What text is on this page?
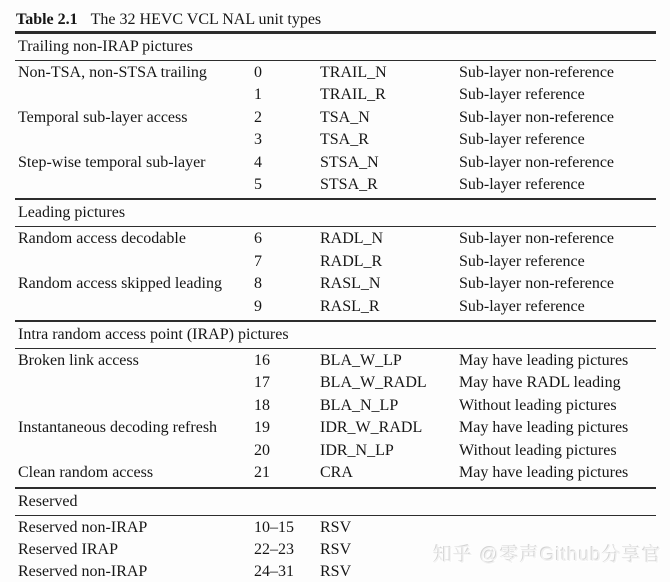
Table 2.1 The 32 HEVC VCL NAL unit types
Trailing non-IRAP pictures
Non-TSA, non-STSA trailing	0	TRAIL_N	Sub-layer non-reference
1	TRAIL_R	Sub-layer reference
Temporal sub-layer access	2	TSA_N	Sub-layer non-reference
3	TSA_R	Sub-layer reference
Step-wise temporal sub-layer	4	STSA_N	Sub-layer non-reference
5	STSA_R	Sub-layer reference
Leading pictures
Random access decodable	6	RADL_N	Sub-layer non-reference
7	RADL_R	Sub-layer reference
Random access skipped leading	8	RASL_N	Sub-layer non-reference
9	RASL_R	Sub-layer reference
Intra random access point (IRAP) pictures
Broken link access	16	BLA_W_LP	May have leading pictures
17	BLA_W_RADL	May have RADL leading
18	BLA_N_LP	Without leading pictures
Instantaneous decoding refresh	19	IDR_W_RADL	May have leading pictures
20	IDR_N_LP	Without leading pictures
Clean random access	21	CRA	May have leading pictures
Reserved
Reserved non-IRAP	10–15	RSV
Reserved IRAP	22–23	RSV
Reserved non-IRAP	24–31	RSV
知乎 @零声Github分享官
